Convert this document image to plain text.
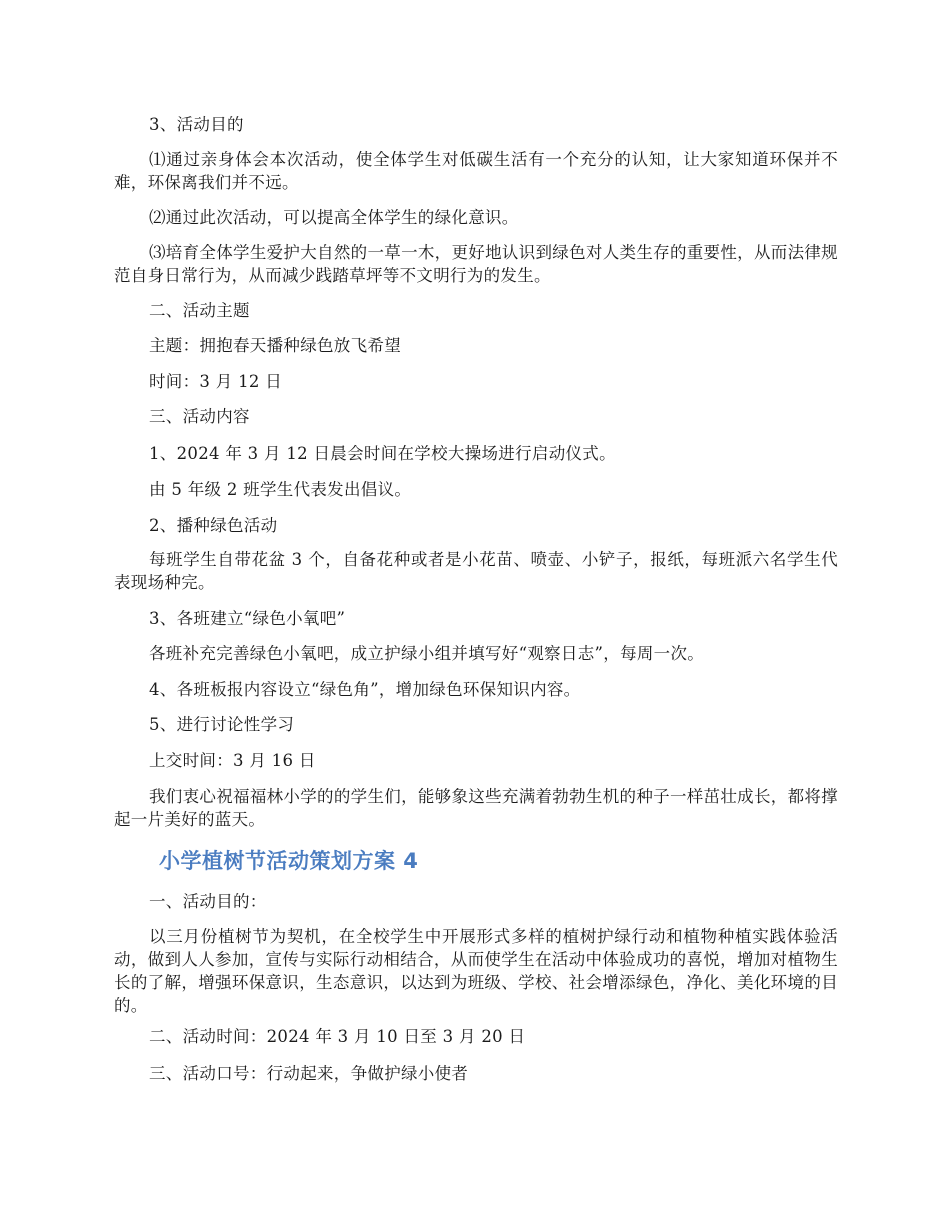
3、活动目的

⑴通过亲身体会本次活动，使全体学生对低碳生活有一个充分的认知，让大家知道环保并不难，环保离我们并不远。

⑵通过此次活动，可以提高全体学生的绿化意识。

⑶培育全体学生爱护大自然的一草一木，更好地认识到绿色对人类生存的重要性，从而法律规范自身日常行为，从而减少践踏草坪等不文明行为的发生。

二、活动主题

主题：拥抱春天播种绿色放飞希望

时间：3 月 12 日

三、活动内容

1、2024 年 3 月 12 日晨会时间在学校大操场进行启动仪式。

由 5 年级 2 班学生代表发出倡议。

2、播种绿色活动

每班学生自带花盆 3 个，自备花种或者是小花苗、喷壶、小铲子，报纸，每班派六名学生代表现场种完。

3、各班建立“绿色小氧吧”

各班补充完善绿色小氧吧，成立护绿小组并填写好“观察日志”，每周一次。

4、各班板报内容设立“绿色角”，增加绿色环保知识内容。

5、进行讨论性学习

上交时间：3 月 16 日

我们衷心祝福福林小学的的学生们，能够象这些充满着勃勃生机的种子一样茁壮成长，都将撑起一片美好的蓝天。

小学植树节活动策划方案 4

一、活动目的：

以三月份植树节为契机，在全校学生中开展形式多样的植树护绿行动和植物种植实践体验活动，做到人人参加，宣传与实际行动相结合，从而使学生在活动中体验成功的喜悦，增加对植物生长的了解，增强环保意识，生态意识，以达到为班级、学校、社会增添绿色，净化、美化环境的目的。

二、活动时间：2024 年 3 月 10 日至 3 月 20 日

三、活动口号：行动起来，争做护绿小使者
